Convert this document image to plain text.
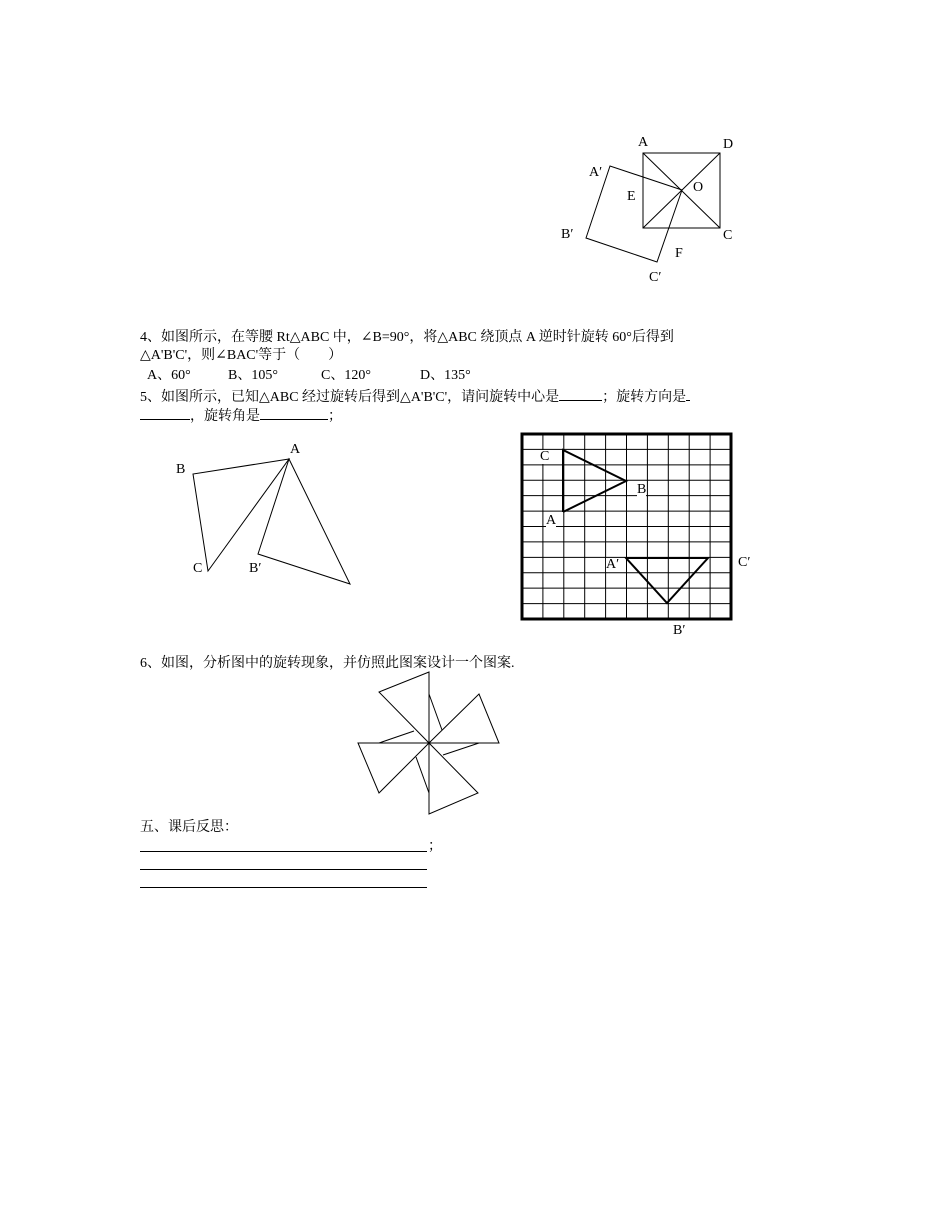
A	D
A′
O
E
B′	C
F
C′
4、如图所示，在等腰 Rt△ABC 中，∠B=90°，将△ABC 绕顶点 A 逆时针旋转 60°后得到
△A'B'C'，则∠BAC'等于（　　）
A、60°	B、105°	C、120°	D、135°
5、如图所示，已知△ABC 经过旋转后得到△A'B'C'，请问旋转中心是	；旋转方向是
，旋转角是	；
A
B
C	B′
C
B
A
A′	C′
B′
6、如图，分析图中的旋转现象，并仿照此图案设计一个图案.
五、课后反思：
；
